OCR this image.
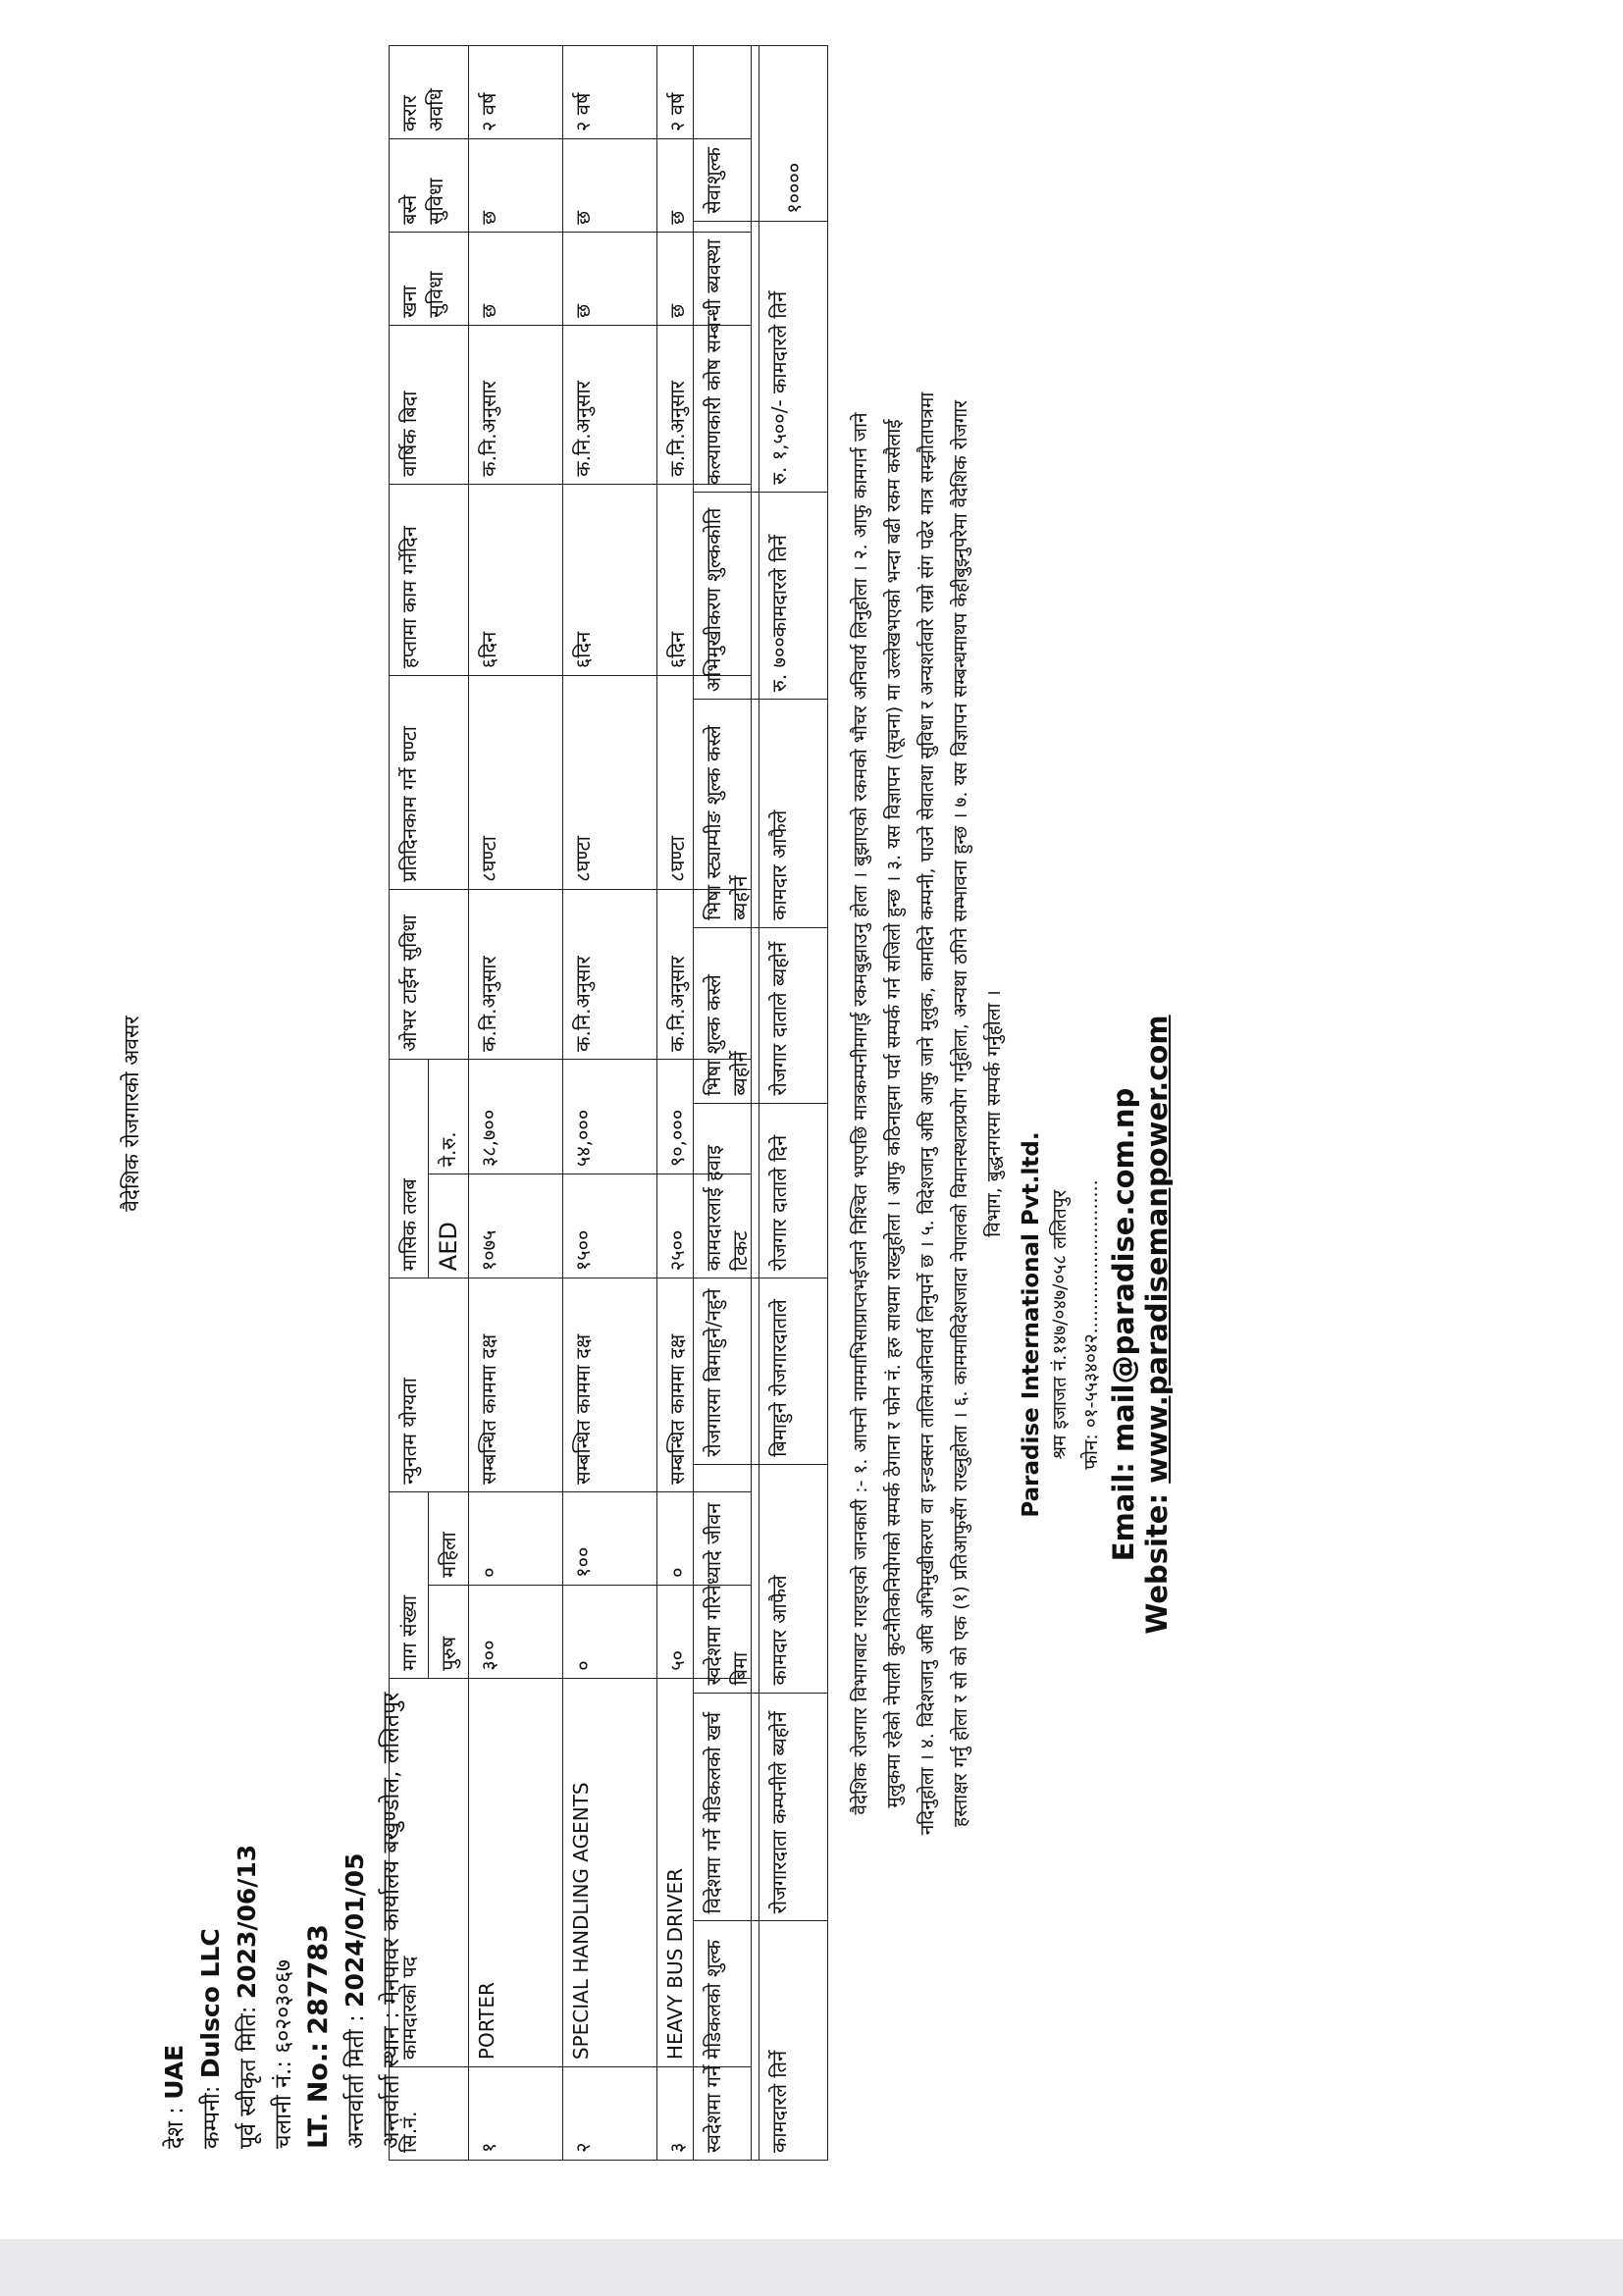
वैदेशिक रोजगारको अवसर
देश : UAE
कम्पनी: Dulsco LLC पूर्व स्वीकृत मिति: 2023/06/13
चलानी नं.: ६०२०३०६७
LT. No.: 287783
अन्तर्वार्ता मिती : 2024/01/05
अन्तर्वार्ता स्थान : मेनपावर कार्यालय बखुण्डोल, ललितपुर
सि.नं.	कामदारको पद	माग संख्या		न्युनतम योग्यता	मासिक तलब		ओभर टाईम सुविधा	प्रतिदिनकाम गर्ने घण्टा	हप्तामा काम गर्नेदिन	वार्षिक बिदा	खना सुविधा	बस्ने सुविधा	करार अवधि
		पुरुष	महिला		AED	ने.रु.							
१	PORTER	३००	०	सम्बन्धित काममा दक्ष	१०७५	३८,७००	क.नि.अनुसार	८घण्टा	६दिन	क.नि.अनुसार	छ	छ	२ वर्ष
२	SPECIAL HANDLING AGENTS	०	१००	सम्बन्धित काममा दक्ष	१५००	५४,०००	क.नि.अनुसार	८घण्टा	६दिन	क.नि.अनुसार	छ	छ	२ वर्ष
३	HEAVY BUS DRIVER	५०	०	सम्बन्धित काममा दक्ष	२५००	९०,०००	क.नि.अनुसार	८घण्टा	६दिन	क.नि.अनुसार	छ	छ	२ वर्ष
स्वदेशमा गर्ने मेडिकलको शुल्क	विदेशमा गर्ने मेडिकलको खर्च	स्वदेशमा गरिनेध्यादे जीवन बिमा	रोजगारमा बिमाहुने/नहुने	कामदारलाई हवाइ टिकट	भिषा शुल्क कस्ले ब्यहोर्ने	भिषा स्ट्याम्पीङ शुल्क कस्ले ब्यहोर्ने	अभिमुखीकरण शुल्ककोति	कल्याणकारी कोष सम्बन्धी ब्यवस्था	सेवाशुल्क
कामदारले तिर्ने	रोजगारदाता कम्पनीले ब्यहोर्ने	कामदार आफैले	बिमाहुने रोजगारदाताले	रोजगार दाताले दिने	रोजगार दाताले ब्यहोर्ने	कामदार आफैले	रु. ७००कामदारले तिर्ने	रु. १,५००/- कामदारले तिर्ने	१००००
वैदेशिक रोजगार विभागबाट गराइएको जानकारी :- १. आफ्नो नाममाभिसाप्राप्तभईजाने निश्चित भएपछि मात्रकम्पनीमाग्ई रकमबुझाउनु होला । बुझाएको रकमको भौचर अनिवार्य लिनुहोला । २. आफु कामगर्न जाने मुलुकमा रहेको नेपाली कुटनैतिकनियोगको सम्पर्क ठेगाना र फोन नं. हरु साथमा राख्नुहोला । आफु कठिनाइमा पर्दा सम्पर्क गर्न सजिलो हुन्छ । ३. यस विज्ञापन (सूचना) मा उल्लेखभएको भन्दा बढी रकम कसैलाई नदिनुहोला । ४. विदेशजानु अघि अभिमुखीकरण वा इन्डक्सन तालिमअनिवार्य लिनुपर्ने छ । ५. विदेशजानु अघि आफु जाने मुलुक, कामदिने कम्पनी, पाउने सेवातथा सुविधा र अन्यशर्तवारे राम्रो संग पढेर मात्र सम्झौतापत्रमा हस्ताक्षर गर्नु होला र सो को एक (१) प्रतिआफुसँग राख्नुहोला । ६. काममाविदेशजादा नेपालको विमानस्थलप्रयोग गर्नुहोला, अन्यथा ठगिने सम्भावना हुन्छ । ७. यस विज्ञापन सम्बन्धमाथप केहीबुझ्नुपरेमा वैदेशिक रोजगार विभाग, बुद्धनगरमा सम्पर्क गर्नुहोला ।
Paradise International Pvt.ltd. श्रम इजाजत नं.१४७/०४७/०५८ ललितपुर फोन: ०१-५५३४०४२.......................... Email: mail@paradise.com.np
Website: www.paradisemanpower.com
